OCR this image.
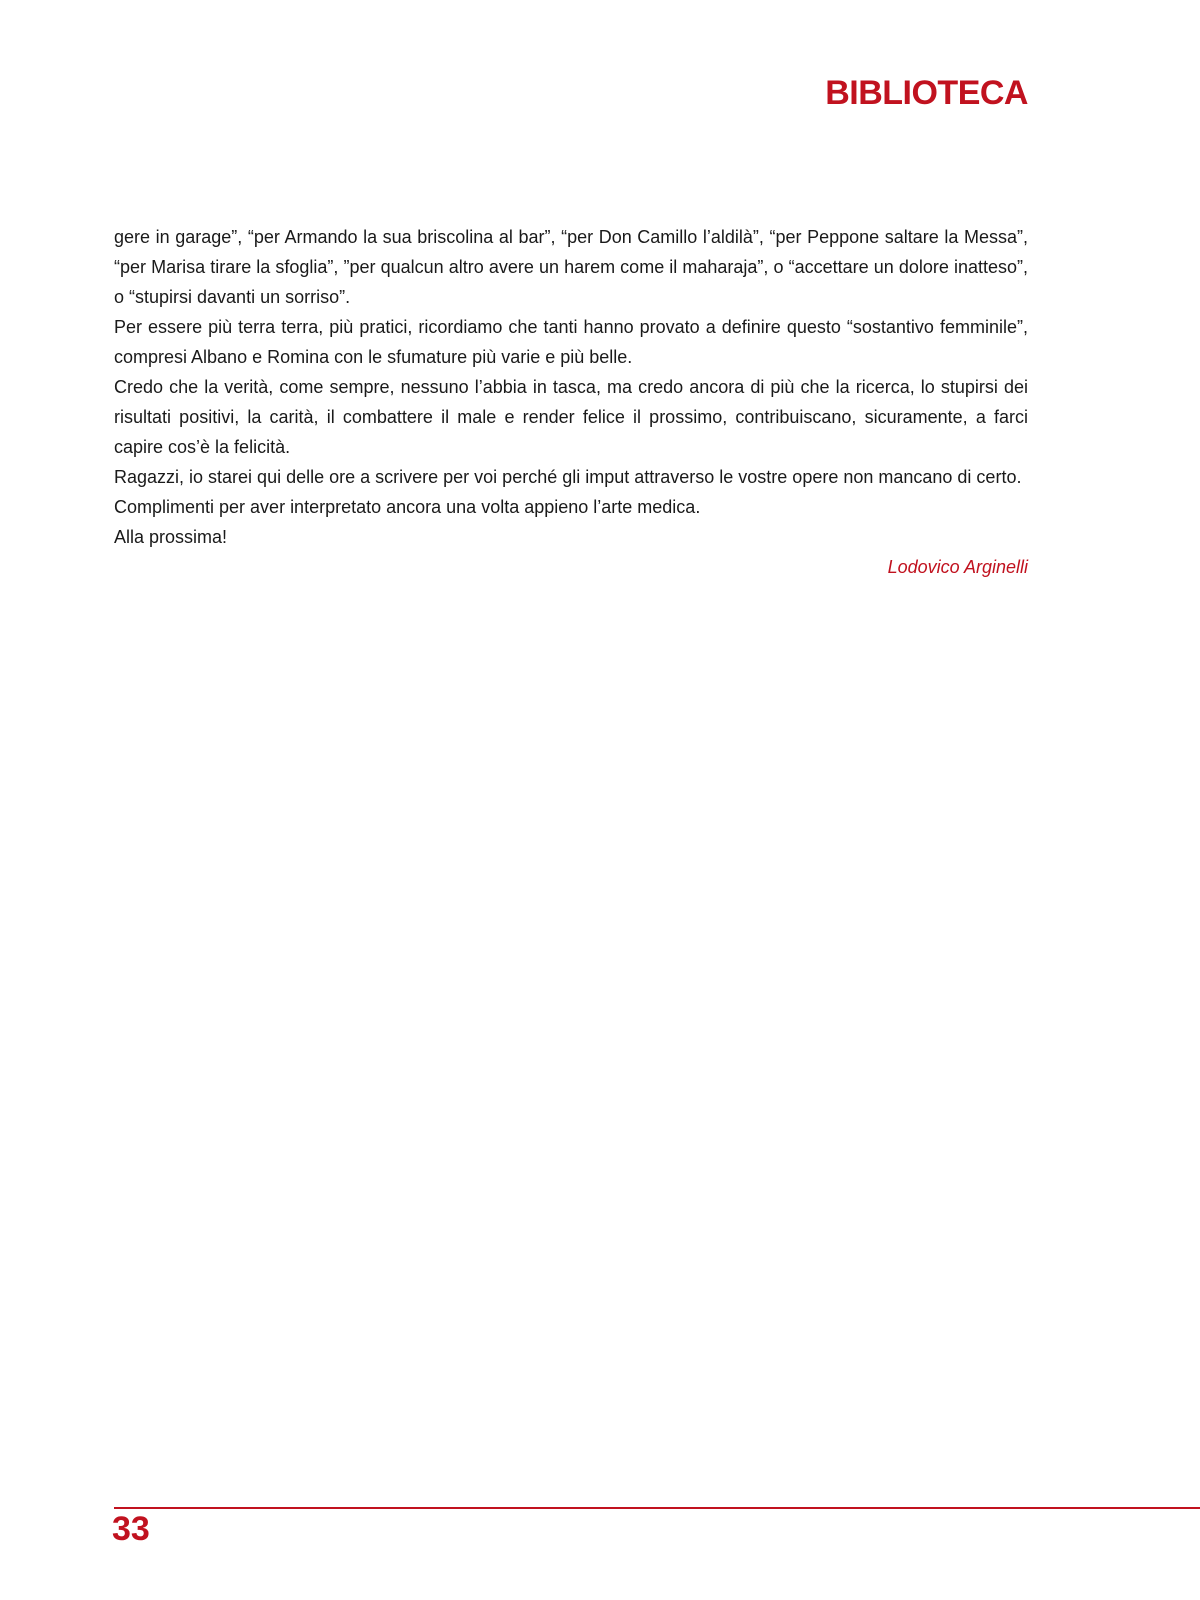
BIBLIOTECA

gere in garage”, “per Armando la sua briscolina al bar”, “per Don Camillo l’aldilà”, “per Peppone saltare la Messa”, “per Marisa tirare la sfoglia”, ”per qualcun altro avere un harem come il maharaja”, o “accettare un dolore inatteso”, o “stupirsi davanti un sorriso”.

Per essere più terra terra, più pratici, ricordiamo che tanti hanno provato a definire questo “sostantivo femminile”, compresi Albano e Romina con le sfumature più varie e più belle.

Credo che la verità, come sempre, nessuno l’abbia in tasca, ma credo ancora di più che la ricerca, lo stupirsi dei risultati positivi, la carità, il combattere il male e render felice il prossimo, contribuiscano, sicuramente, a farci capire cos’è la felicità.

Ragazzi, io starei qui delle ore a scrivere per voi perché gli imput attraverso le vostre opere non mancano di certo.

Complimenti per aver interpretato ancora una volta appieno l’arte medica.

Alla prossima!

Lodovico Arginelli

33
